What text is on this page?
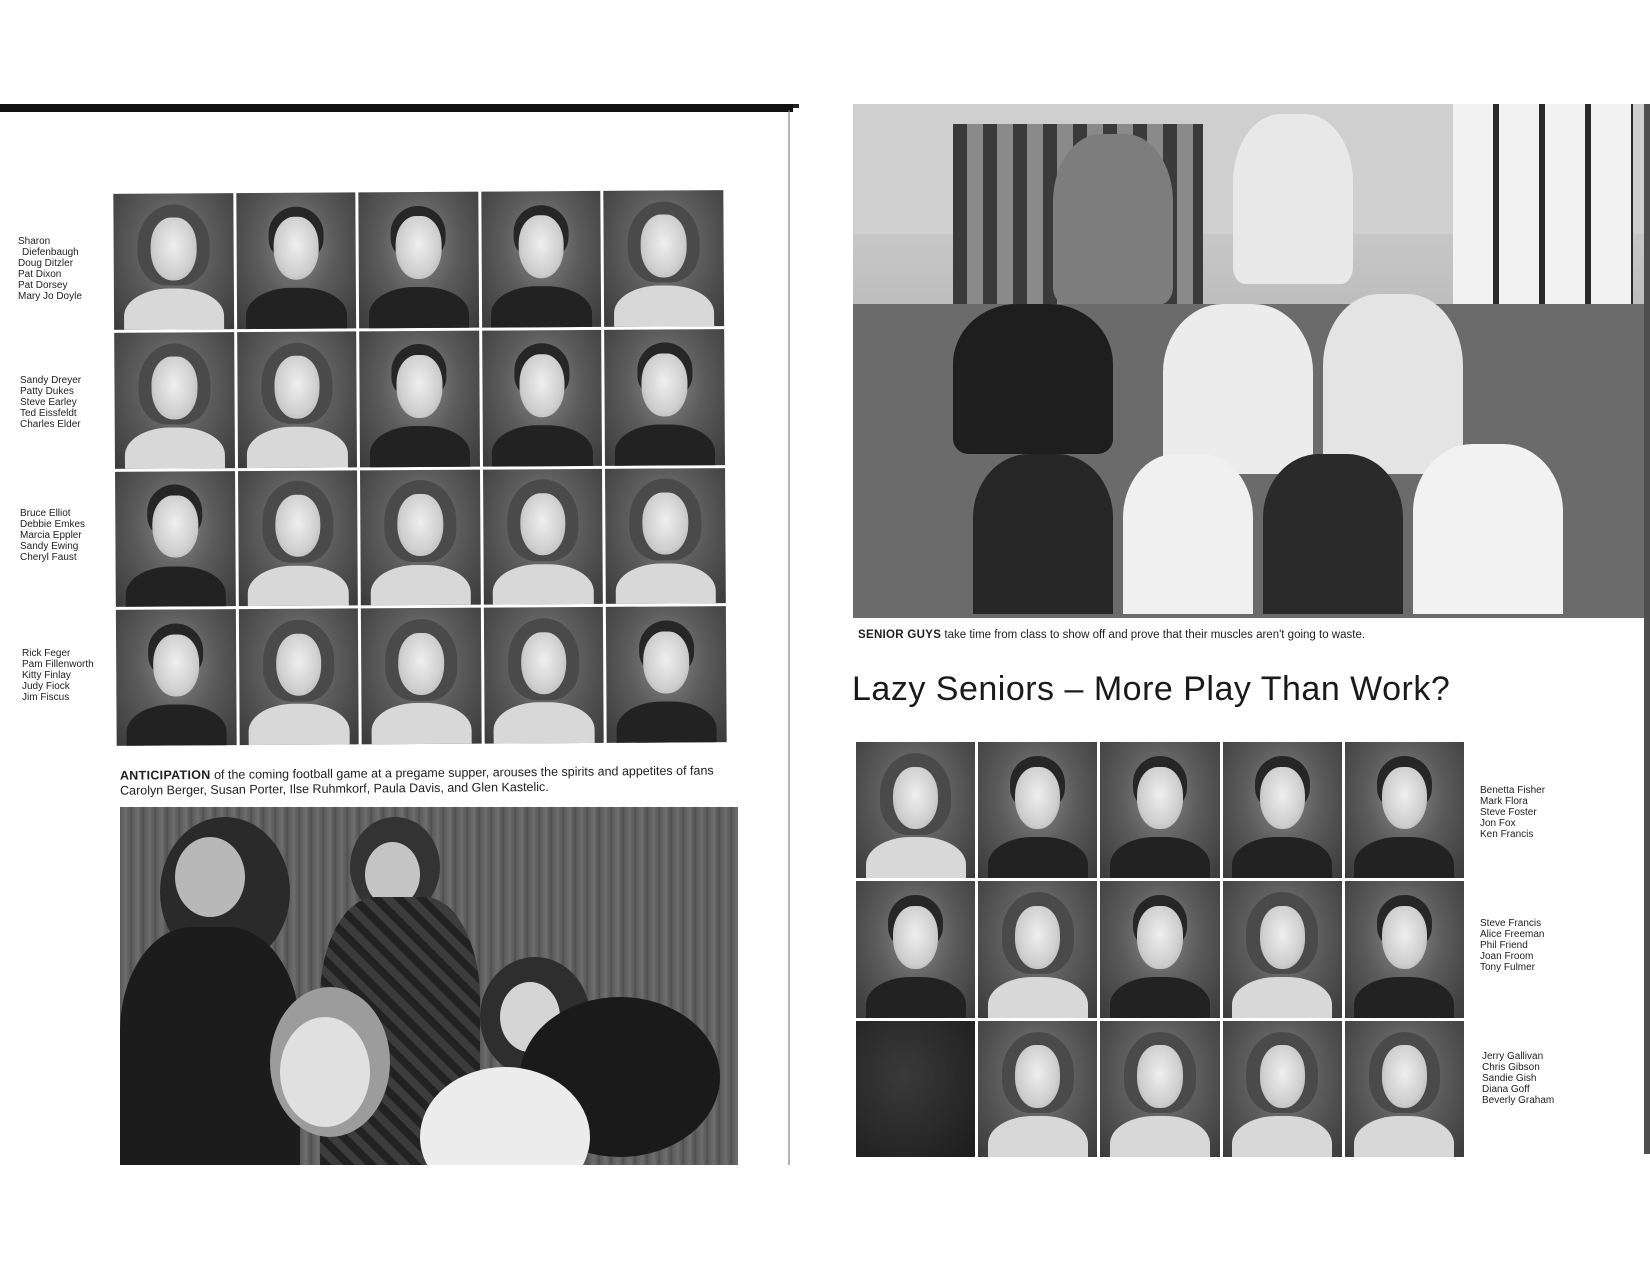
Sharon
Diefenbaugh
Doug Ditzler
Pat Dixon
Pat Dorsey
Mary Jo Doyle
Sandy Dreyer
Patty Dukes
Steve Earley
Ted Eissfeldt
Charles Elder
Bruce Elliot
Debbie Emkes
Marcia Eppler
Sandy Ewing
Cheryl Faust
Rick Feger
Pam Fillenworth
Kitty Finlay
Judy Fiock
Jim Fiscus
ANTICIPATION of the coming football game at a pregame supper, arouses the spirits and appetites of fans Carolyn Berger, Susan Porter, Ilse Ruhmkorf, Paula Davis, and Glen Kastelic.
SENIOR GUYS take time from class to show off and prove that their muscles aren't going to waste.
Lazy Seniors – More Play Than Work?
Benetta Fisher
Mark Flora
Steve Foster
Jon Fox
Ken Francis
Steve Francis
Alice Freeman
Phil Friend
Joan Froom
Tony Fulmer
Jerry Gallivan
Chris Gibson
Sandie Gish
Diana Goff
Beverly Graham
